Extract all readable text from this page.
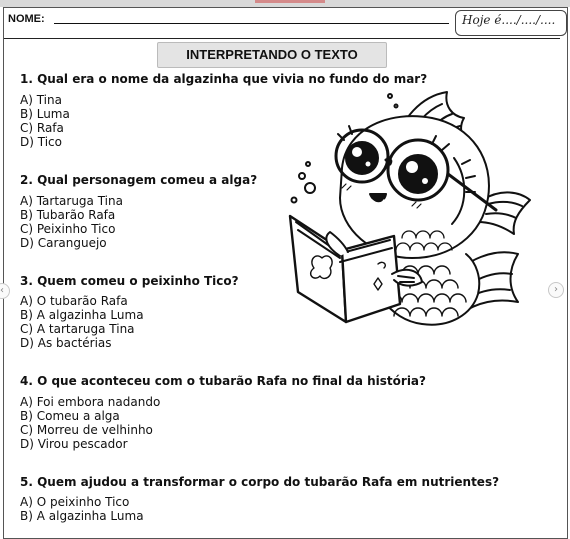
NOME:	Hoje é..../..../....
INTERPRETANDO O TEXTO
1. Qual era o nome da algazinha que vivia no fundo do mar?
A) Tina
B) Luma
C) Rafa
D) Tico
2. Qual personagem comeu a alga?
A) Tartaruga Tina
B) Tubarão Rafa
C) Peixinho Tico
D) Caranguejo
3. Quem comeu o peixinho Tico?
A) O tubarão Rafa
B) A algazinha Luma
C) A tartaruga Tina
D) As bactérias
4. O que aconteceu com o tubarão Rafa no final da história?
A) Foi embora nadando
B) Comeu a alga
C) Morreu de velhinho
D) Virou pescador
5. Quem ajudou a transformar o corpo do tubarão Rafa em nutrientes?
A) O peixinho Tico
B) A algazinha Luma
‹	›
